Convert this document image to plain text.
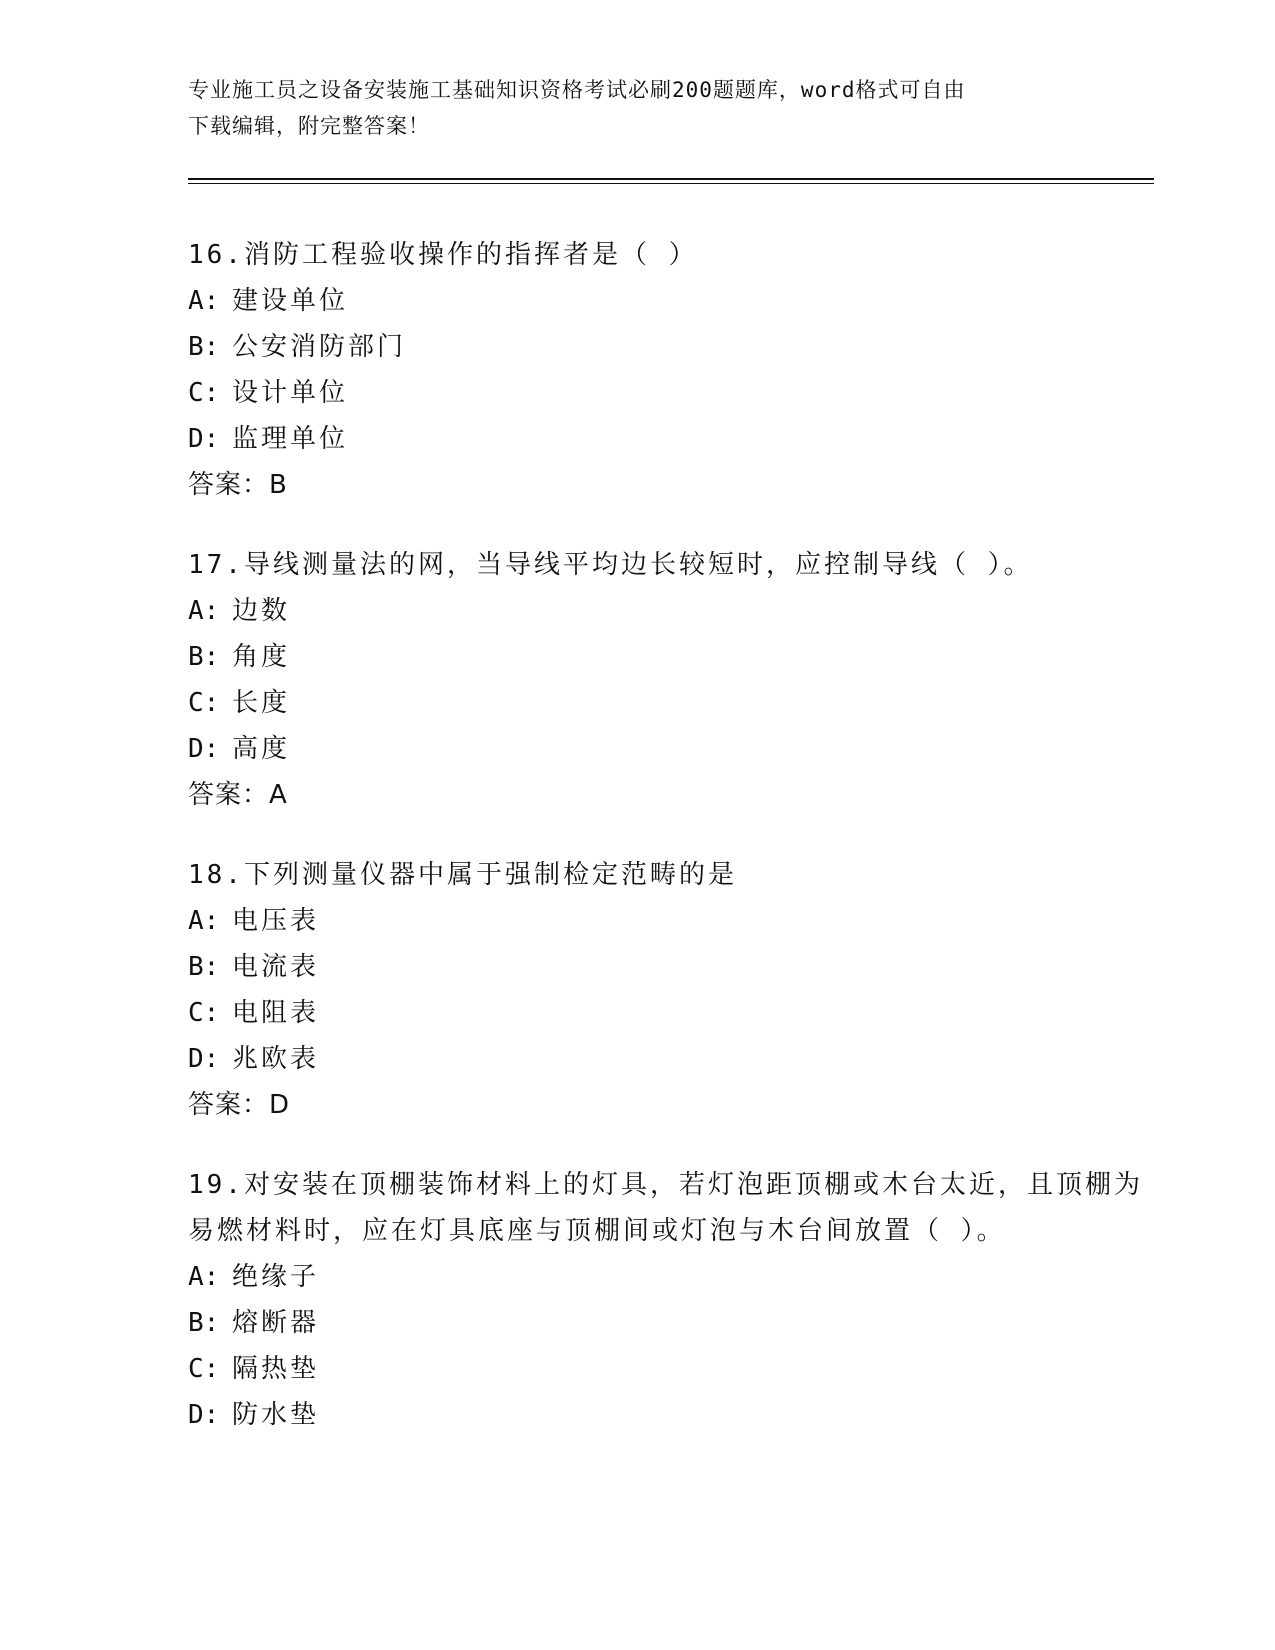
专业施工员之设备安装施工基础知识资格考试必刷200题题库，word格式可自由
下载编辑，附完整答案！

16.消防工程验收操作的指挥者是（ ）

A: 建设单位

B: 公安消防部门

C: 设计单位

D: 监理单位

答案：B

17.导线测量法的网，当导线平均边长较短时，应控制导线（ ）。

A: 边数

B: 角度

C: 长度

D: 高度

答案：A

18.下列测量仪器中属于强制检定范畴的是

A: 电压表

B: 电流表

C: 电阻表

D: 兆欧表

答案：D

19.对安装在顶棚装饰材料上的灯具，若灯泡距顶棚或木台太近，且顶棚为易燃材料时，应在灯具底座与顶棚间或灯泡与木台间放置（ ）。

A: 绝缘子

B: 熔断器

C: 隔热垫

D: 防水垫
